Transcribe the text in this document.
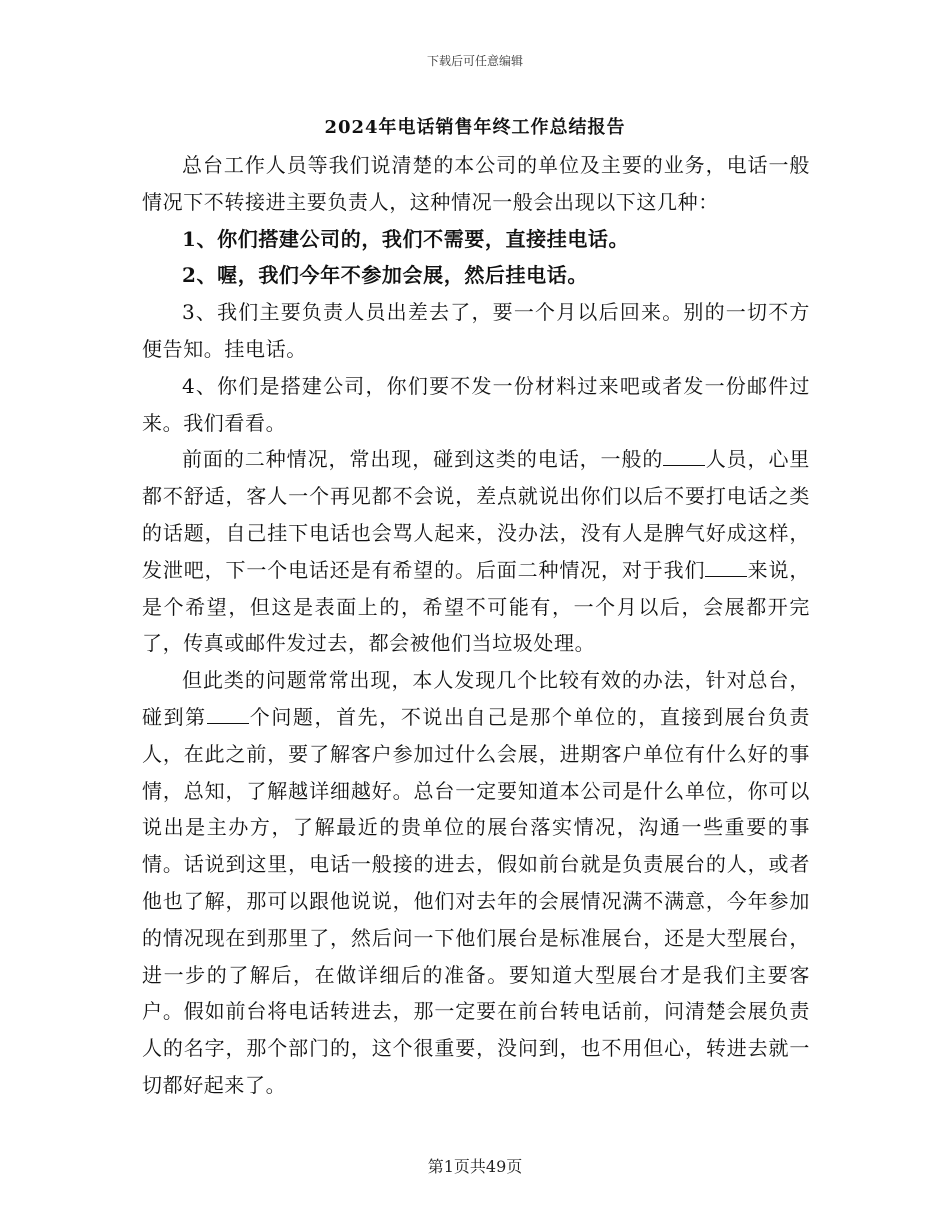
下载后可任意编辑
2024年电话销售年终工作总结报告

总台工作人员等我们说清楚的本公司的单位及主要的业务，电话一般情况下不转接进主要负责人，这种情况一般会出现以下这几种：

1、你们搭建公司的，我们不需要，直接挂电话。

2、喔，我们今年不参加会展，然后挂电话。

3、我们主要负责人员出差去了，要一个月以后回来。别的一切不方便告知。挂电话。

4、你们是搭建公司，你们要不发一份材料过来吧或者发一份邮件过来。我们看看。

前面的二种情况，常出现，碰到这类的电话，一般的 人员，心里都不舒适，客人一个再见都不会说，差点就说出你们以后不要打电话之类的话题，自己挂下电话也会骂人起来，没办法，没有人是脾气好成这样，发泄吧，下一个电话还是有希望的。后面二种情况，对于我们 来说，是个希望，但这是表面上的，希望不可能有，一个月以后，会展都开完了，传真或邮件发过去，都会被他们当垃圾处理。

但此类的问题常常出现，本人发现几个比较有效的办法，针对总台，碰到第 个问题，首先，不说出自己是那个单位的，直接到展台负责人，在此之前，要了解客户参加过什么会展，进期客户单位有什么好的事情，总知，了解越详细越好。总台一定要知道本公司是什么单位，你可以说出是主办方，了解最近的贵单位的展台落实情况，沟通一些重要的事情。话说到这里，电话一般接的进去，假如前台就是负责展台的人，或者他也了解，那可以跟他说说，他们对去年的会展情况满不满意，今年参加的情况现在到那里了，然后问一下他们展台是标准展台，还是大型展台，进一步的了解后，在做详细后的准备。要知道大型展台才是我们主要客户。假如前台将电话转进去，那一定要在前台转电话前，问清楚会展负责人的名字，那个部门的，这个很重要，没问到，也不用但心，转进去就一切都好起来了。

第1页共49页
